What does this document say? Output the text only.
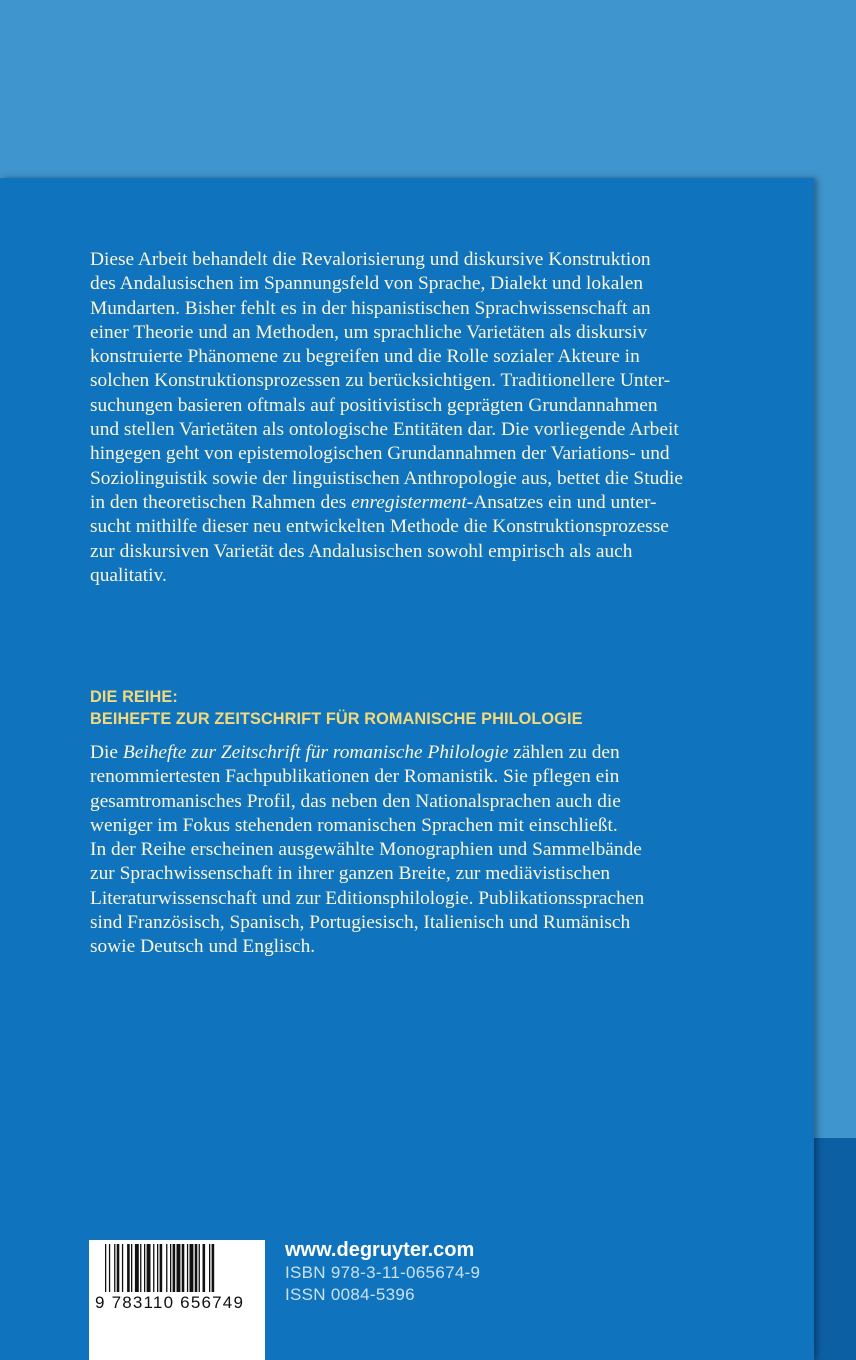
Diese Arbeit behandelt die Revalorisierung und diskursive Konstruktion

des Andalusischen im Spannungsfeld von Sprache, Dialekt und lokalen

Mundarten. Bisher fehlt es in der hispanistischen Sprachwissenschaft an

einer Theorie und an Methoden, um sprachliche Varietäten als diskursiv

konstruierte Phänomene zu begreifen und die Rolle sozialer Akteure in

solchen Konstruktionsprozessen zu berücksichtigen. Traditionellere Unter-

suchungen basieren oftmals auf positivistisch geprägten Grundannahmen

und stellen Varietäten als ontologische Entitäten dar. Die vorliegende Arbeit

hingegen geht von epistemologischen Grundannahmen der Variations- und

Soziolinguistik sowie der linguistischen Anthropologie aus, bettet die Studie

in den theoretischen Rahmen des enregisterment-Ansatzes ein und unter-

sucht mithilfe dieser neu entwickelten Methode die Konstruktionsprozesse

zur diskursiven Varietät des Andalusischen sowohl empirisch als auch

qualitativ.

DIE REIHE:
BEIHEFTE ZUR ZEITSCHRIFT FÜR ROMANISCHE PHILOLOGIE

Die Beihefte zur Zeitschrift für romanische Philologie zählen zu den

renommiertesten Fachpublikationen der Romanistik. Sie pflegen ein

gesamtromanisches Profil, das neben den Nationalsprachen auch die

weniger im Fokus stehenden romanischen Sprachen mit einschließt.

In der Reihe erscheinen ausgewählte Monographien und Sammelbände

zur Sprachwissenschaft in ihrer ganzen Breite, zur mediävistischen

Literaturwissenschaft und zur Editionsphilologie. Publikationssprachen

sind Französisch, Spanisch, Portugiesisch, Italienisch und Rumänisch

sowie Deutsch und Englisch.

9 783110 656749
www.degruyter.com
ISBN 978-3-11-065674-9
ISSN 0084-5396
